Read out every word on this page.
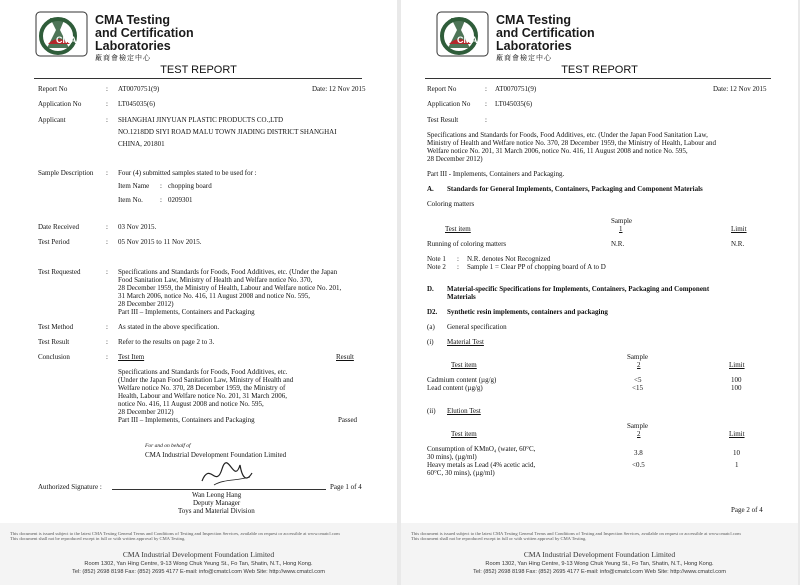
CMA
CMA Testing
and Certification
Laboratories
廠商會檢定中心
TEST REPORT
Report No	: AT0070751(9)	Date: 12 Nov 2015
Application No	: LT045035(6)
Applicant	: SHANGHAI JINYUAN PLASTIC PRODUCTS CO.,LTD
NO.1218DD SIYI ROAD MALU TOWN JIADING DISTRICT SHANGHAI
CHINA, 201801
Sample Description : Four (4) submitted samples stated to be used for :
Item Name : chopping board
Item No. : 0209301
Date Received	: 03 Nov 2015.
Test Period	: 05 Nov 2015 to 11 Nov 2015.
Test Requested	: Specifications and Standards for Foods, Food Additives, etc. (Under the Japan
Food Sanitation Law, Ministry of Health and Welfare notice No. 370,
28 December 1959, the Ministry of Health, Labour and Welfare notice No. 201,
31 March 2006, notice No. 416, 11 August 2008 and notice No. 595,
28 December 2012)
Part III – Implements, Containers and Packaging
Test Method	: As stated in the above specification.
Test Result	: Refer to the results on page 2 to 3.
Conclusion	: Test Item	Result
Specifications and Standards for Foods, Food Additives, etc.
(Under the Japan Food Sanitation Law, Ministry of Health and
Welfare notice No. 370, 28 December 1959, the Ministry of
Health, Labour and Welfare notice No. 201, 31 March 2006,
notice No. 416, 11 August 2008 and notice No. 595,
28 December 2012)
Part III – Implements, Containers and Packaging	Passed
For and on behalf of
CMA Industrial Development Foundation Limited
Authorized Signature :	Page 1 of 4
Wan Leong Hang
Deputy Manager
Toys and Material Division
This document is issued subject to the latest CMA Testing General Terms and Conditions of Testing and Inspection Services, available on request or accessible at www.cmatcl.com
This document shall not be reproduced except in full or with written approval by CMA Testing.
CMA Industrial Development Foundation Limited
Room 1302, Yan Hing Centre, 9-13 Wong Chuk Yeung St., Fo Tan, Shatin, N.T., Hong Kong.
Tel: (852) 2698 8198 Fax: (852) 2695 4177 E-mail: info@cmatcl.com Web Site: http://www.cmatcl.com
CMA
CMA Testing
and Certification
Laboratories
廠商會檢定中心
TEST REPORT
Report No	: AT0070751(9)	Date: 12 Nov 2015
Application No : LT045035(6)
Test Result	:
Specifications and Standards for Foods, Food Additives, etc. (Under the Japan Food Sanitation Law,
Ministry of Health and Welfare notice No. 370, 28 December 1959, the Ministry of Health, Labour and
Welfare notice No. 201, 31 March 2006, notice No. 416, 11 August 2008 and notice No. 595,
28 December 2012)
Part III - Implements, Containers and Packaging.
A. Standards for General Implements, Containers, Packaging and Component Materials
Coloring matters
Sample
Test item	1	Limit
Running of coloring matters	N.R.	N.R.
Note 1 : N.R. denotes Not Recognized
Note 2 : Sample 1 = Clear PP of chopping board of A to D
D. Material-specific Specifications for Implements, Containers, Packaging and Component
Materials
D2. Synthetic resin implements, containers and packaging
(a) General specification
(i) Material Test
Sample
Test item	2	Limit
Cadmium content (µg/g)	<5	100
Lead content (µg/g)	<15	100
(ii) Elution Test
Sample
Test item	2	Limit
Consumption of KMnO₄ (water, 60°C,
30 mins), (µg/ml)	3.8	10
Heavy metals as Lead (4% acetic acid,
60°C, 30 mins), (µg/ml)
<0.5	1
Page 2 of 4
This document is issued subject to the latest CMA Testing General Terms and Conditions of Testing and Inspection Services, available on request or accessible at www.cmatcl.com
This document shall not be reproduced except in full or with written approval by CMA Testing.
CMA Industrial Development Foundation Limited
Room 1302, Yan Hing Centre, 9-13 Wong Chuk Yeung St., Fo Tan, Shatin, N.T., Hong Kong.
Tel: (852) 2698 8198 Fax: (852) 2695 4177 E-mail: info@cmatcl.com Web Site: http://www.cmatcl.com
